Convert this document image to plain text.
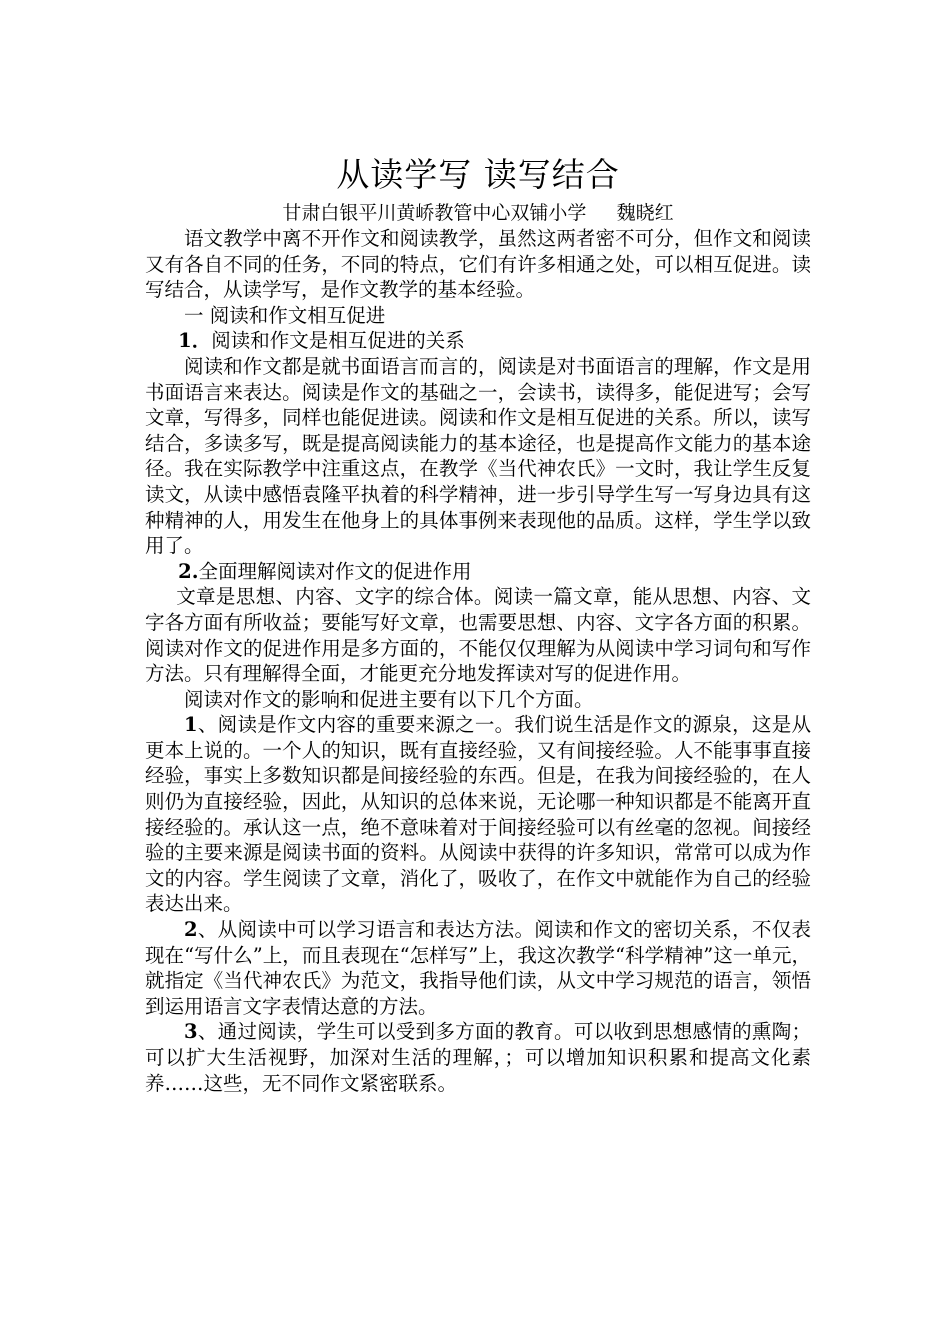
从读学写 读写结合

甘肃白银平川黄峤教管中心双铺小学     魏晓红

语文教学中离不开作文和阅读教学，虽然这两者密不可分，但作文和阅读又有各自不同的任务，不同的特点，它们有许多相通之处，可以相互促进。读写结合，从读学写，是作文教学的基本经验。

一 阅读和作文相互促进

1．阅读和作文是相互促进的关系

阅读和作文都是就书面语言而言的，阅读是对书面语言的理解，作文是用书面语言来表达。阅读是作文的基础之一，会读书，读得多，能促进写；会写文章，写得多，同样也能促进读。阅读和作文是相互促进的关系。所以，读写结合，多读多写，既是提高阅读能力的基本途径，也是提高作文能力的基本途径。我在实际教学中注重这点，在教学《当代神农氏》一文时，我让学生反复读文，从读中感悟袁隆平执着的科学精神，进一步引导学生写一写身边具有这种精神的人，用发生在他身上的具体事例来表现他的品质。这样，学生学以致用了。

2.全面理解阅读对作文的促进作用

文章是思想、内容、文字的综合体。阅读一篇文章，能从思想、内容、文字各方面有所收益；要能写好文章，也需要思想、内容、文字各方面的积累。阅读对作文的促进作用是多方面的，不能仅仅理解为从阅读中学习词句和写作方法。只有理解得全面，才能更充分地发挥读对写的促进作用。

阅读对作文的影响和促进主要有以下几个方面。

1、阅读是作文内容的重要来源之一。我们说生活是作文的源泉，这是从更本上说的。一个人的知识，既有直接经验，又有间接经验。人不能事事直接经验，事实上多数知识都是间接经验的东西。但是，在我为间接经验的，在人则仍为直接经验，因此，从知识的总体来说，无论哪一种知识都是不能离开直接经验的。承认这一点，绝不意味着对于间接经验可以有丝毫的忽视。间接经验的主要来源是阅读书面的资料。从阅读中获得的许多知识，常常可以成为作文的内容。学生阅读了文章，消化了，吸收了，在作文中就能作为自己的经验表达出来。

2、从阅读中可以学习语言和表达方法。阅读和作文的密切关系，不仅表现在“写什么”上，而且表现在“怎样写”上，我这次教学“科学精神”这一单元，就指定《当代神农氏》为范文，我指导他们读，从文中学习规范的语言，领悟到运用语言文字表情达意的方法。

3、通过阅读，学生可以受到多方面的教育。可以收到思想感情的熏陶；可以扩大生活视野，加深对生活的理解，；可以增加知识积累和提高文化素养……这些，无不同作文紧密联系。
